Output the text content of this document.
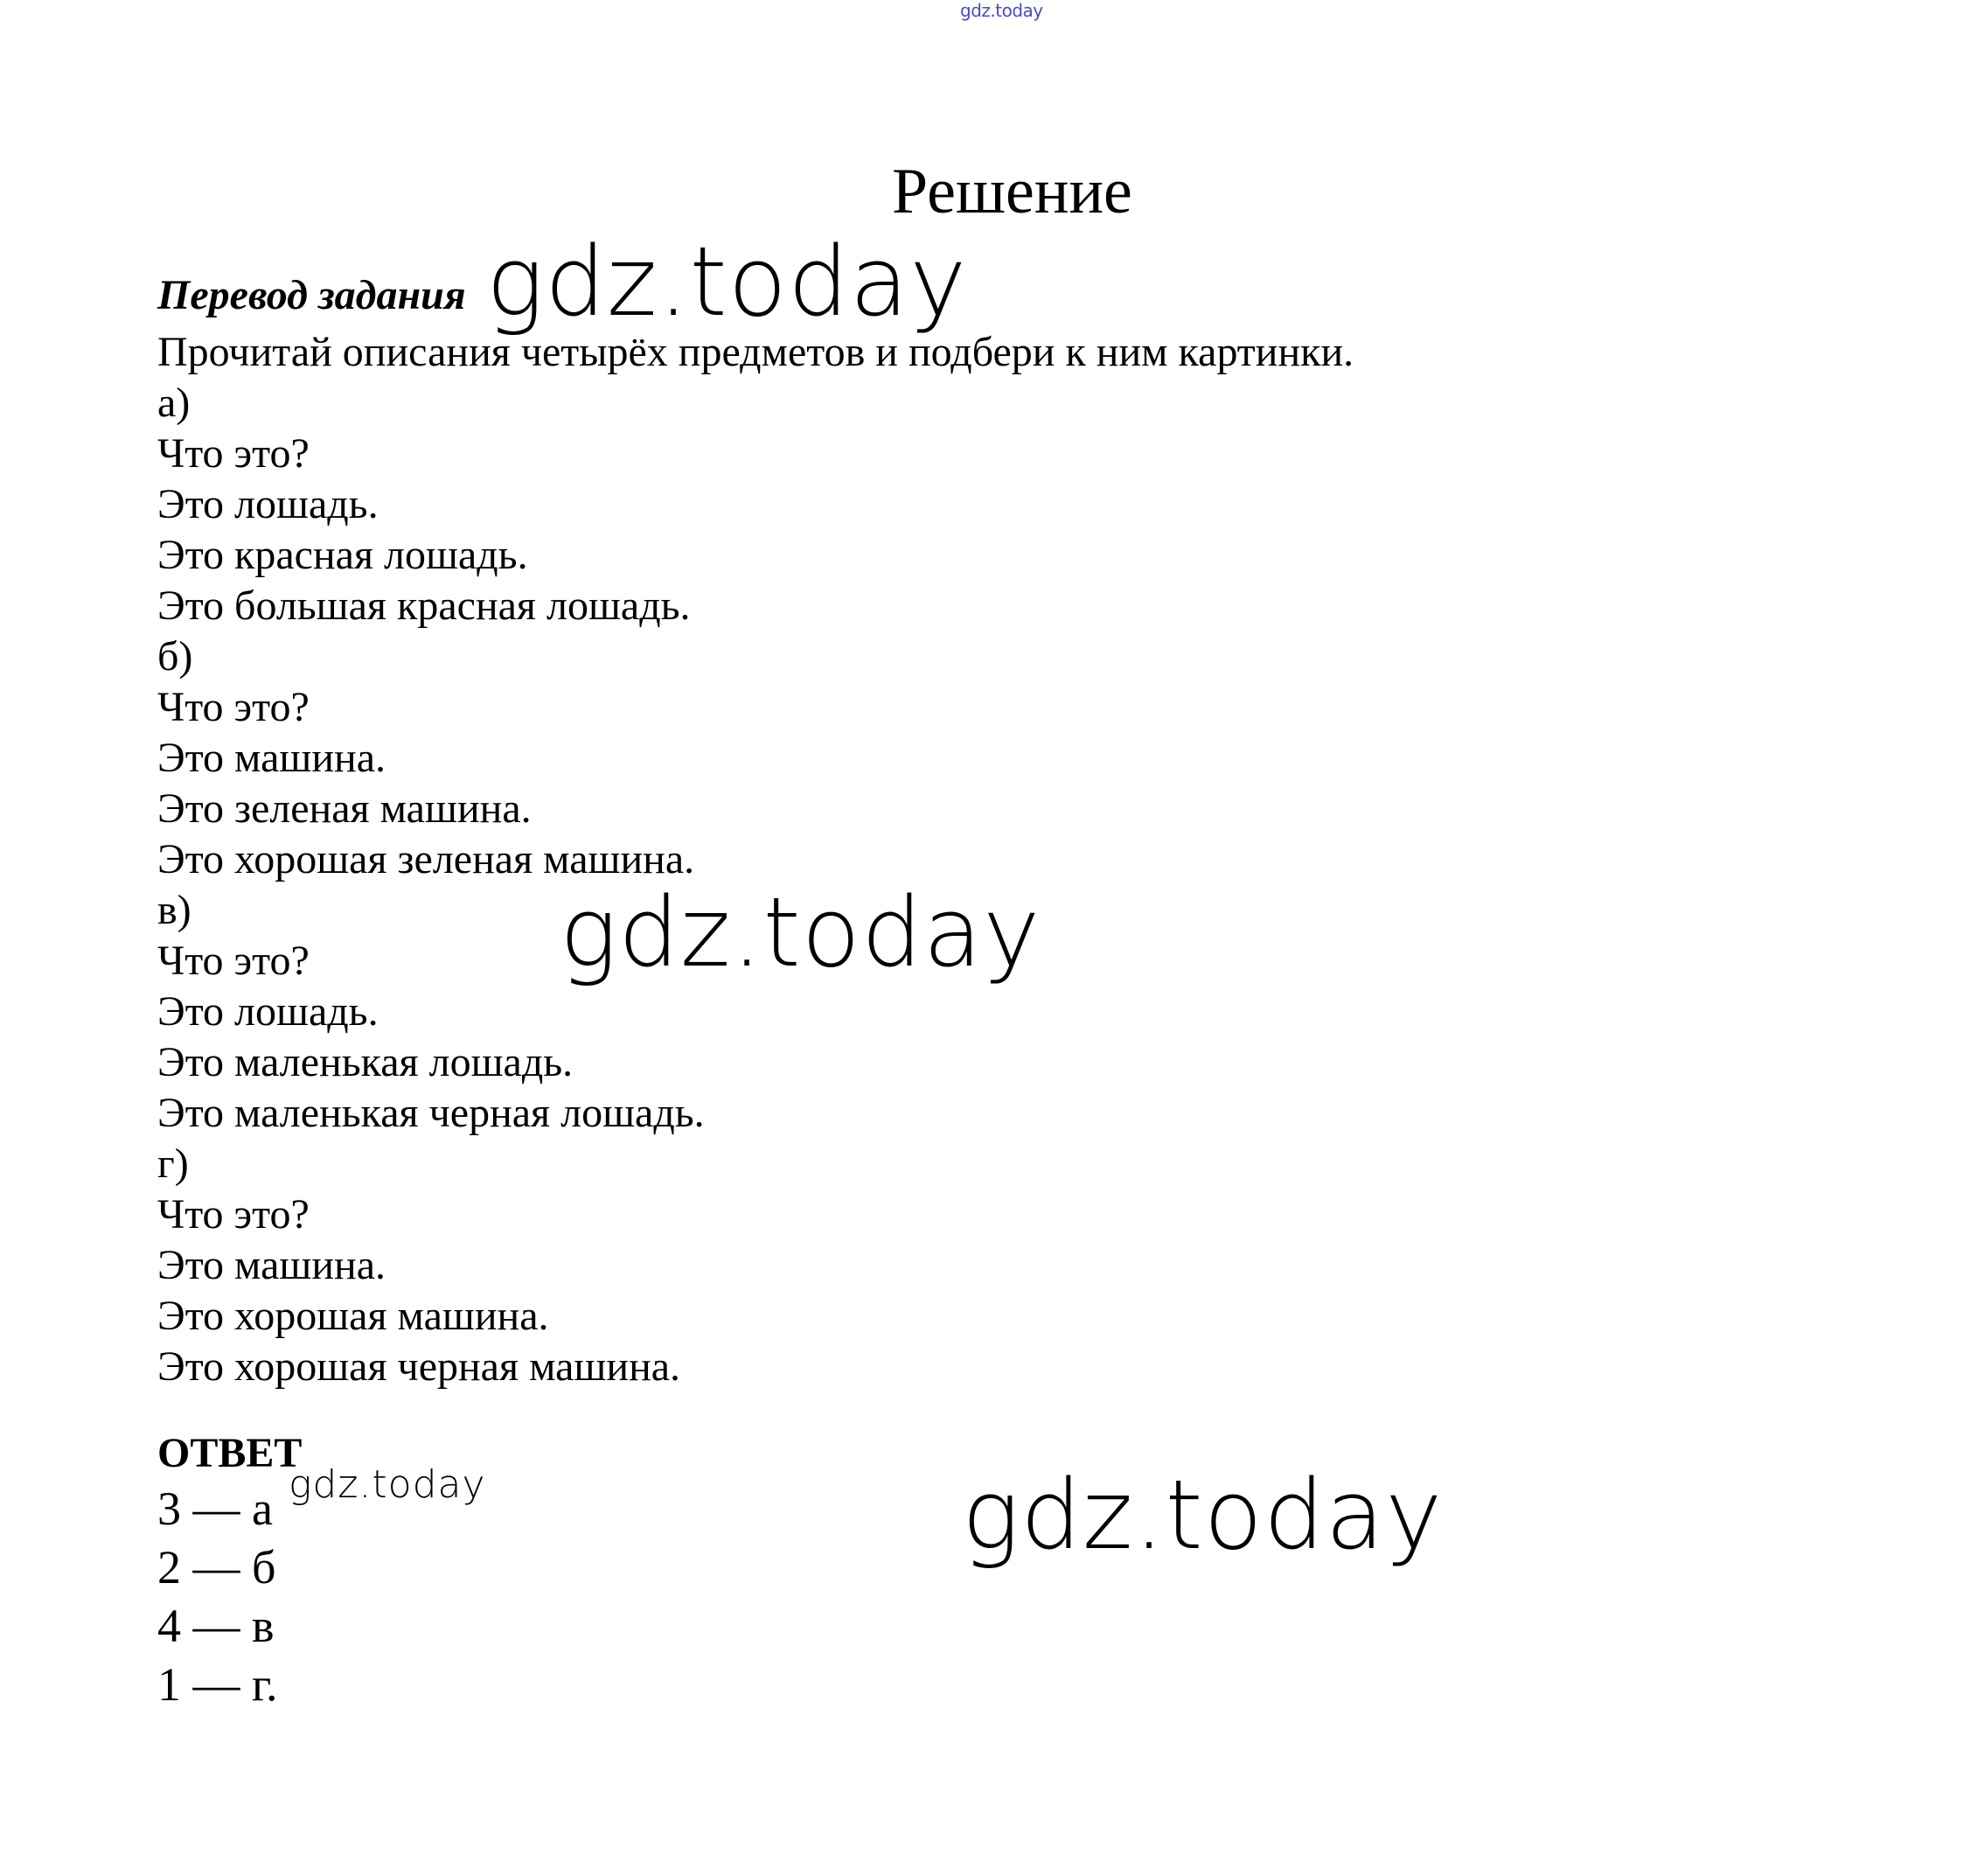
gdz.today
Решение
Перевод задания
Прочитай описания четырёх предметов и подбери к ним картинки.
а)
Что это?
Это лошадь.
Это красная лошадь.
Это большая красная лошадь.
б)
Что это?
Это машина.
Это зеленая машина.
Это хорошая зеленая машина.
в)
Что это?
Это лошадь.
Это маленькая лошадь.
Это маленькая черная лошадь.
г)
Что это?
Это машина.
Это хорошая машина.
Это хорошая черная машина.
ОТВЕТ
3 — а
2 — б
4 — в
1 — г.
gdz.today
gdz.today
gdz.today
gdz.today
